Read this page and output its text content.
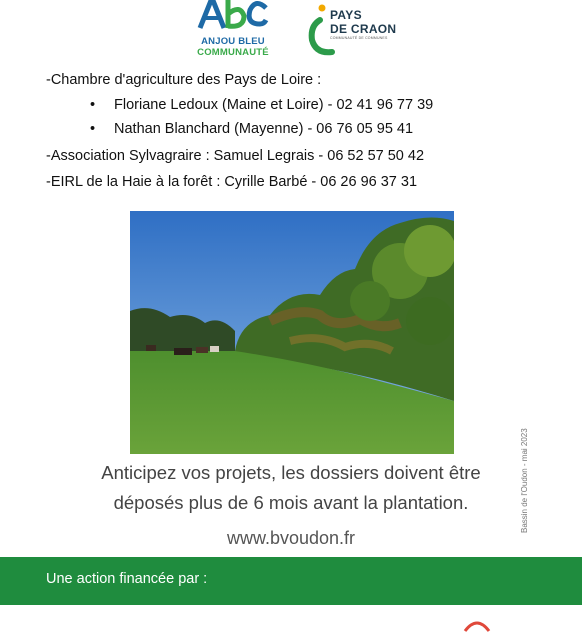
ANJOU BLEU
COMMUNAUTÉ
PAYS
DE CRAON
COMMUNAUTÉ DE COMMUNES
-Chambre d'agriculture des Pays de Loire :
• Floriane Ledoux (Maine et Loire) - 02 41 96 77 39
• Nathan Blanchard (Mayenne) - 06 76 05 95 41
-Association Sylvagraire : Samuel Legrais - 06 52 57 50 42
-EIRL de la Haie à la forêt : Cyrille Barbé - 06 26 96 37 31
Anticipez vos projets, les dossiers doivent être
déposés plus de 6 mois avant la plantation.
www.bvoudon.fr
Bassin de l'Oudon - mai 2023
Une action financée par :
